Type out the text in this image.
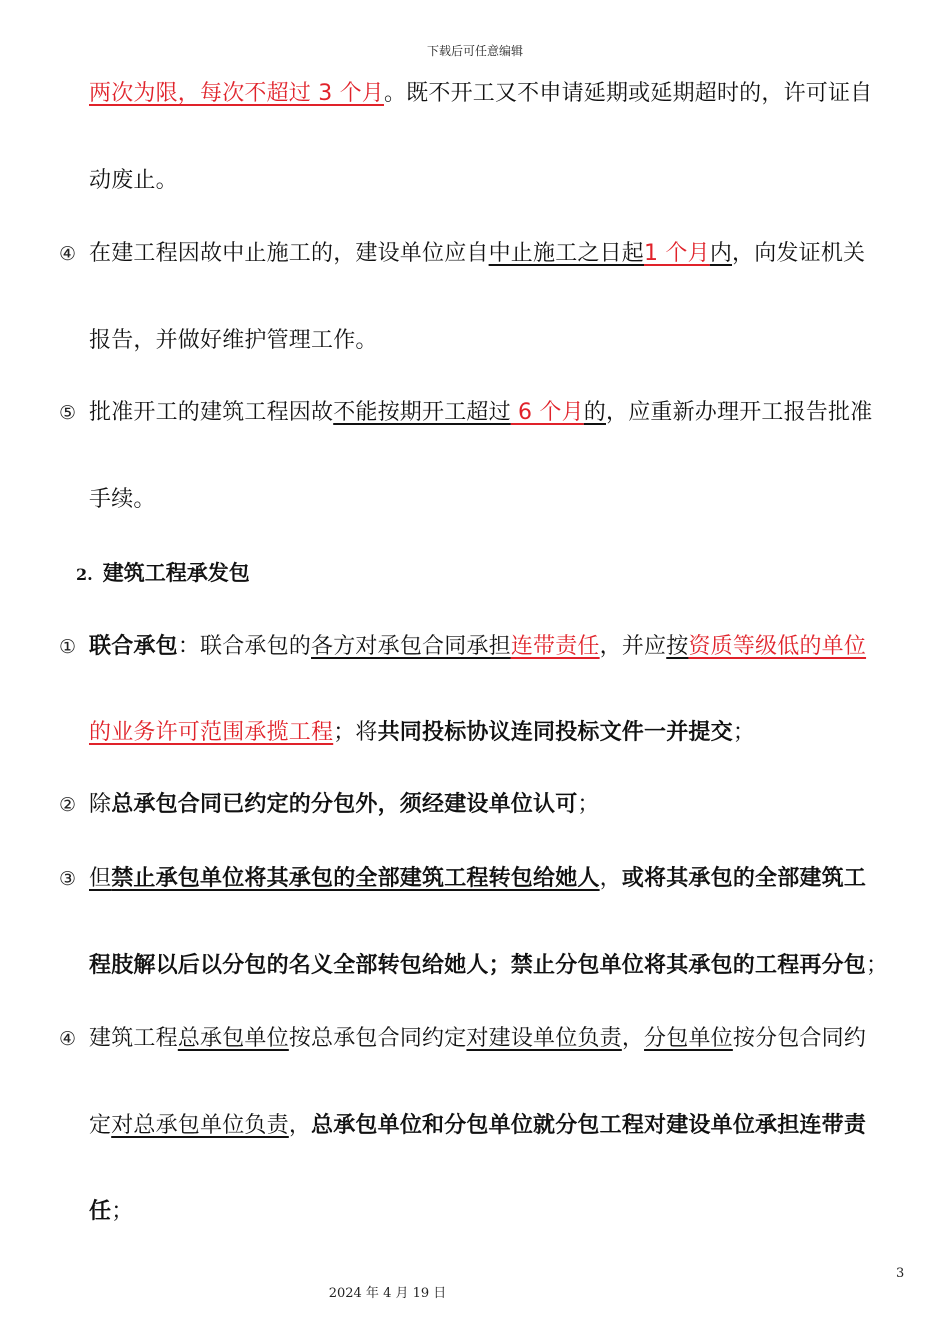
下载后可任意编辑
两次为限，每次不超过 3 个月。既不开工又不申请延期或延期超时的，许可证自
动废止。
④ 在建工程因故中止施工的，建设单位应自中止施工之日起1 个月内，向发证机关
报告，并做好维护管理工作。
⑤ 批准开工的建筑工程因故不能按期开工超过 6 个月的，应重新办理开工报告批准
手续。
2. 建筑工程承发包
① 联合承包：联合承包的各方对承包合同承担连带责任，并应按资质等级低的单位
的业务许可范围承揽工程；将共同投标协议连同投标文件一并提交；
② 除总承包合同已约定的分包外，须经建设单位认可；
③ 但禁止承包单位将其承包的全部建筑工程转包给她人，或将其承包的全部建筑工
程肢解以后以分包的名义全部转包给她人；禁止分包单位将其承包的工程再分包；
④ 建筑工程总承包单位按总承包合同约定对建设单位负责，分包单位按分包合同约
定对总承包单位负责，总承包单位和分包单位就分包工程对建设单位承担连带责
任；
3
2024 年 4 月 19 日
